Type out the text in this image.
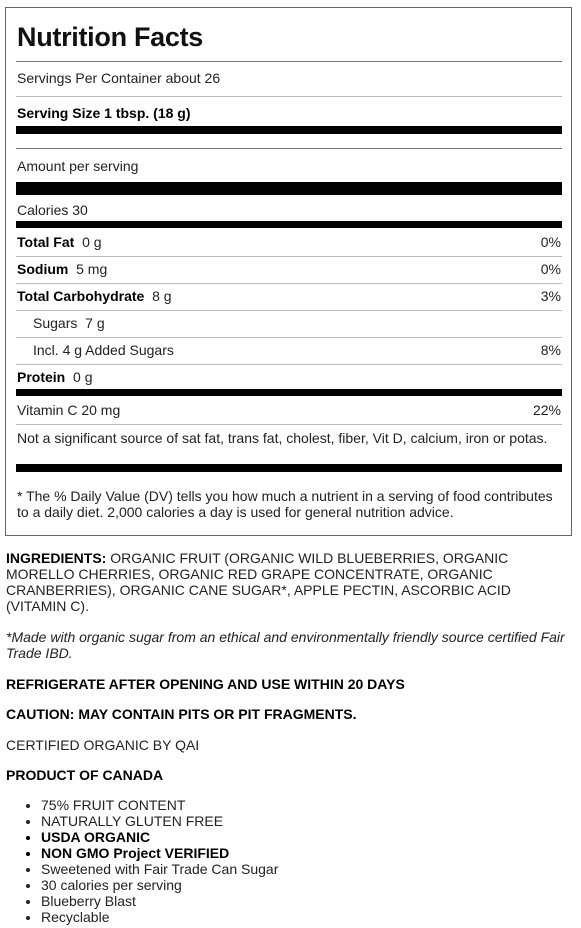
Nutrition Facts
Servings Per Container about 26
Serving Size 1 tbsp. (18 g)
Amount per serving
Calories 30
Total Fat 0 g	0%
Sodium 5 mg	0%
Total Carbohydrate 8 g	3%
Sugars 7 g
Incl. 4 g Added Sugars	8%
Protein 0 g
Vitamin C 20 mg	22%
Not a significant source of sat fat, trans fat, cholest, fiber, Vit D, calcium, iron or potas.
* The % Daily Value (DV) tells you how much a nutrient in a serving of food contributes to a daily diet. 2,000 calories a day is used for general nutrition advice.
INGREDIENTS: ORGANIC FRUIT (ORGANIC WILD BLUEBERRIES, ORGANIC MORELLO CHERRIES, ORGANIC RED GRAPE CONCENTRATE, ORGANIC CRANBERRIES), ORGANIC CANE SUGAR*, APPLE PECTIN, ASCORBIC ACID (VITAMIN C).
*Made with organic sugar from an ethical and environmentally friendly source certified Fair Trade IBD.
REFRIGERATE AFTER OPENING AND USE WITHIN 20 DAYS
CAUTION: MAY CONTAIN PITS OR PIT FRAGMENTS.
CERTIFIED ORGANIC BY QAI
PRODUCT OF CANADA
• 75% FRUIT CONTENT
• NATURALLY GLUTEN FREE
• USDA ORGANIC
• NON GMO Project VERIFIED
• Sweetened with Fair Trade Can Sugar
• 30 calories per serving
• Blueberry Blast
• Recyclable
